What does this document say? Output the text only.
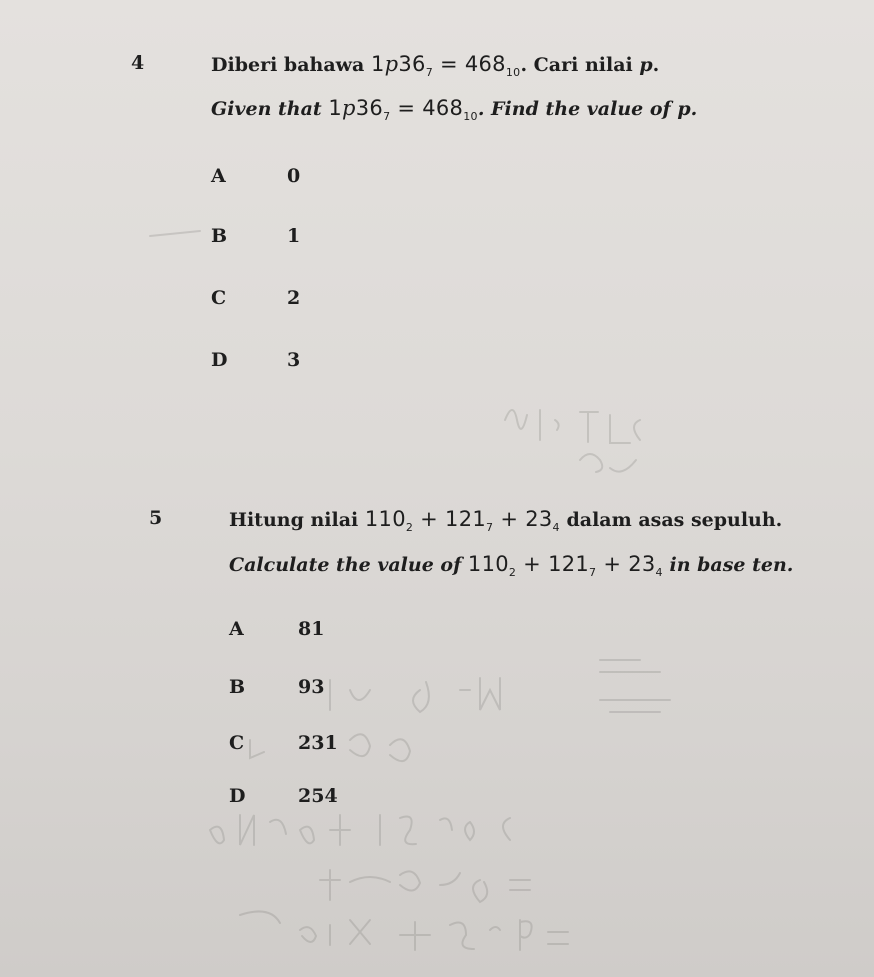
4	Diberi bahawa $1p36_7 = 468_{10}$. Cari nilai p.
Given that $1p36_7 = 468_{10}$. Find the value of p.
A	0
B	1
C	2
D	3
5	Hitung nilai $110_2 + 121_7 + 23_4$ dalam asas sepuluh.
Calculate the value of $110_2 + 121_7 + 23_4$ in base ten.
A	81
B	93
C	231
D	254
